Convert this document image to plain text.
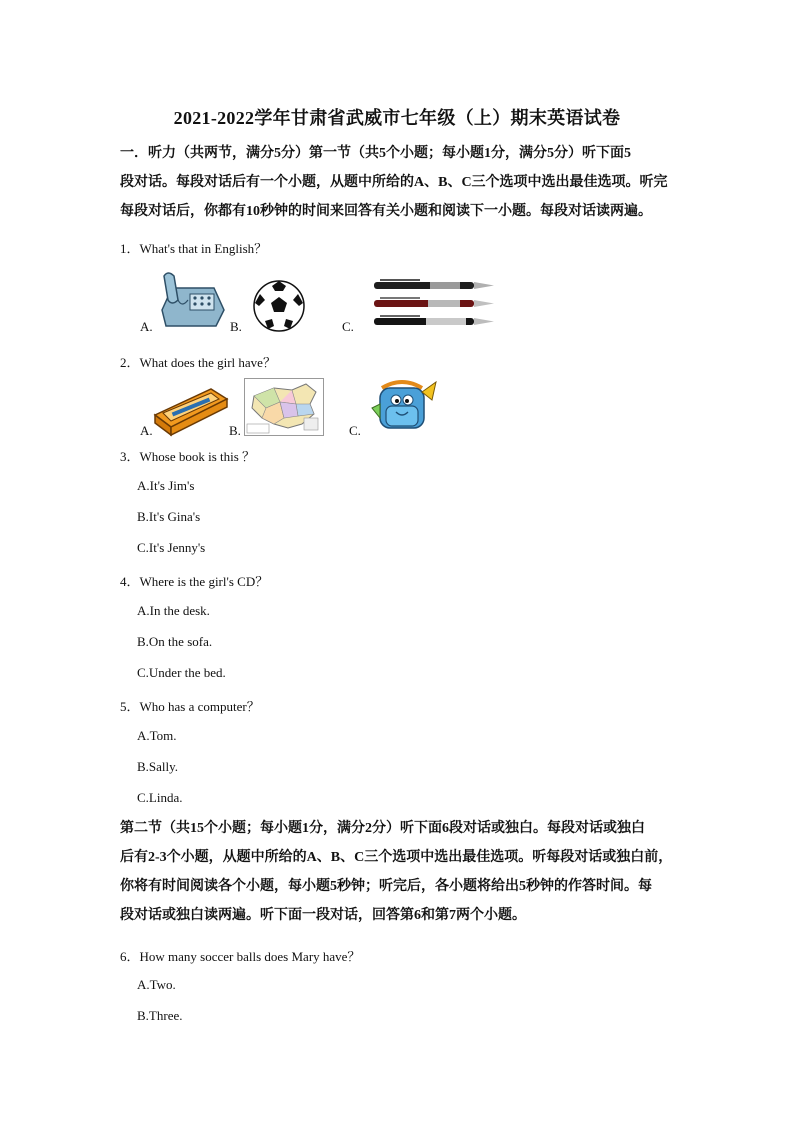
2021-2022学年甘肃省武威市七年级（上）期末英语试卷
一．听力（共两节，满分5分）第一节（共5个小题；每小题1分，满分5分）听下面5
段对话。每段对话后有一个小题，从题中所给的A、B、C三个选项中选出最佳选项。听完
每段对话后，你都有10秒钟的时间来回答有关小题和阅读下一小题。每段对话读两遍。
1．What's that in English？
A.	B.	C.
2．What does the girl have？
A.	B.	C.
3．Whose book is this ？
A.It's Jim's
B.It's Gina's
C.It's Jenny's
4．Where is the girl's CD？
A.In the desk.
B.On the sofa.
C.Under the bed.
5．Who has a computer？
A.Tom.
B.Sally.
C.Linda.
第二节（共15个小题；每小题1分，满分2分）听下面6段对话或独白。每段对话或独白
后有2-3个小题，从题中所给的A、B、C三个选项中选出最佳选项。听每段对话或独白前，
你将有时间阅读各个小题，每小题5秒钟；听完后，各小题将给出5秒钟的作答时间。每
段对话或独白读两遍。听下面一段对话，回答第6和第7两个小题。
6．How many soccer balls does Mary have？
A.Two.
B.Three.
